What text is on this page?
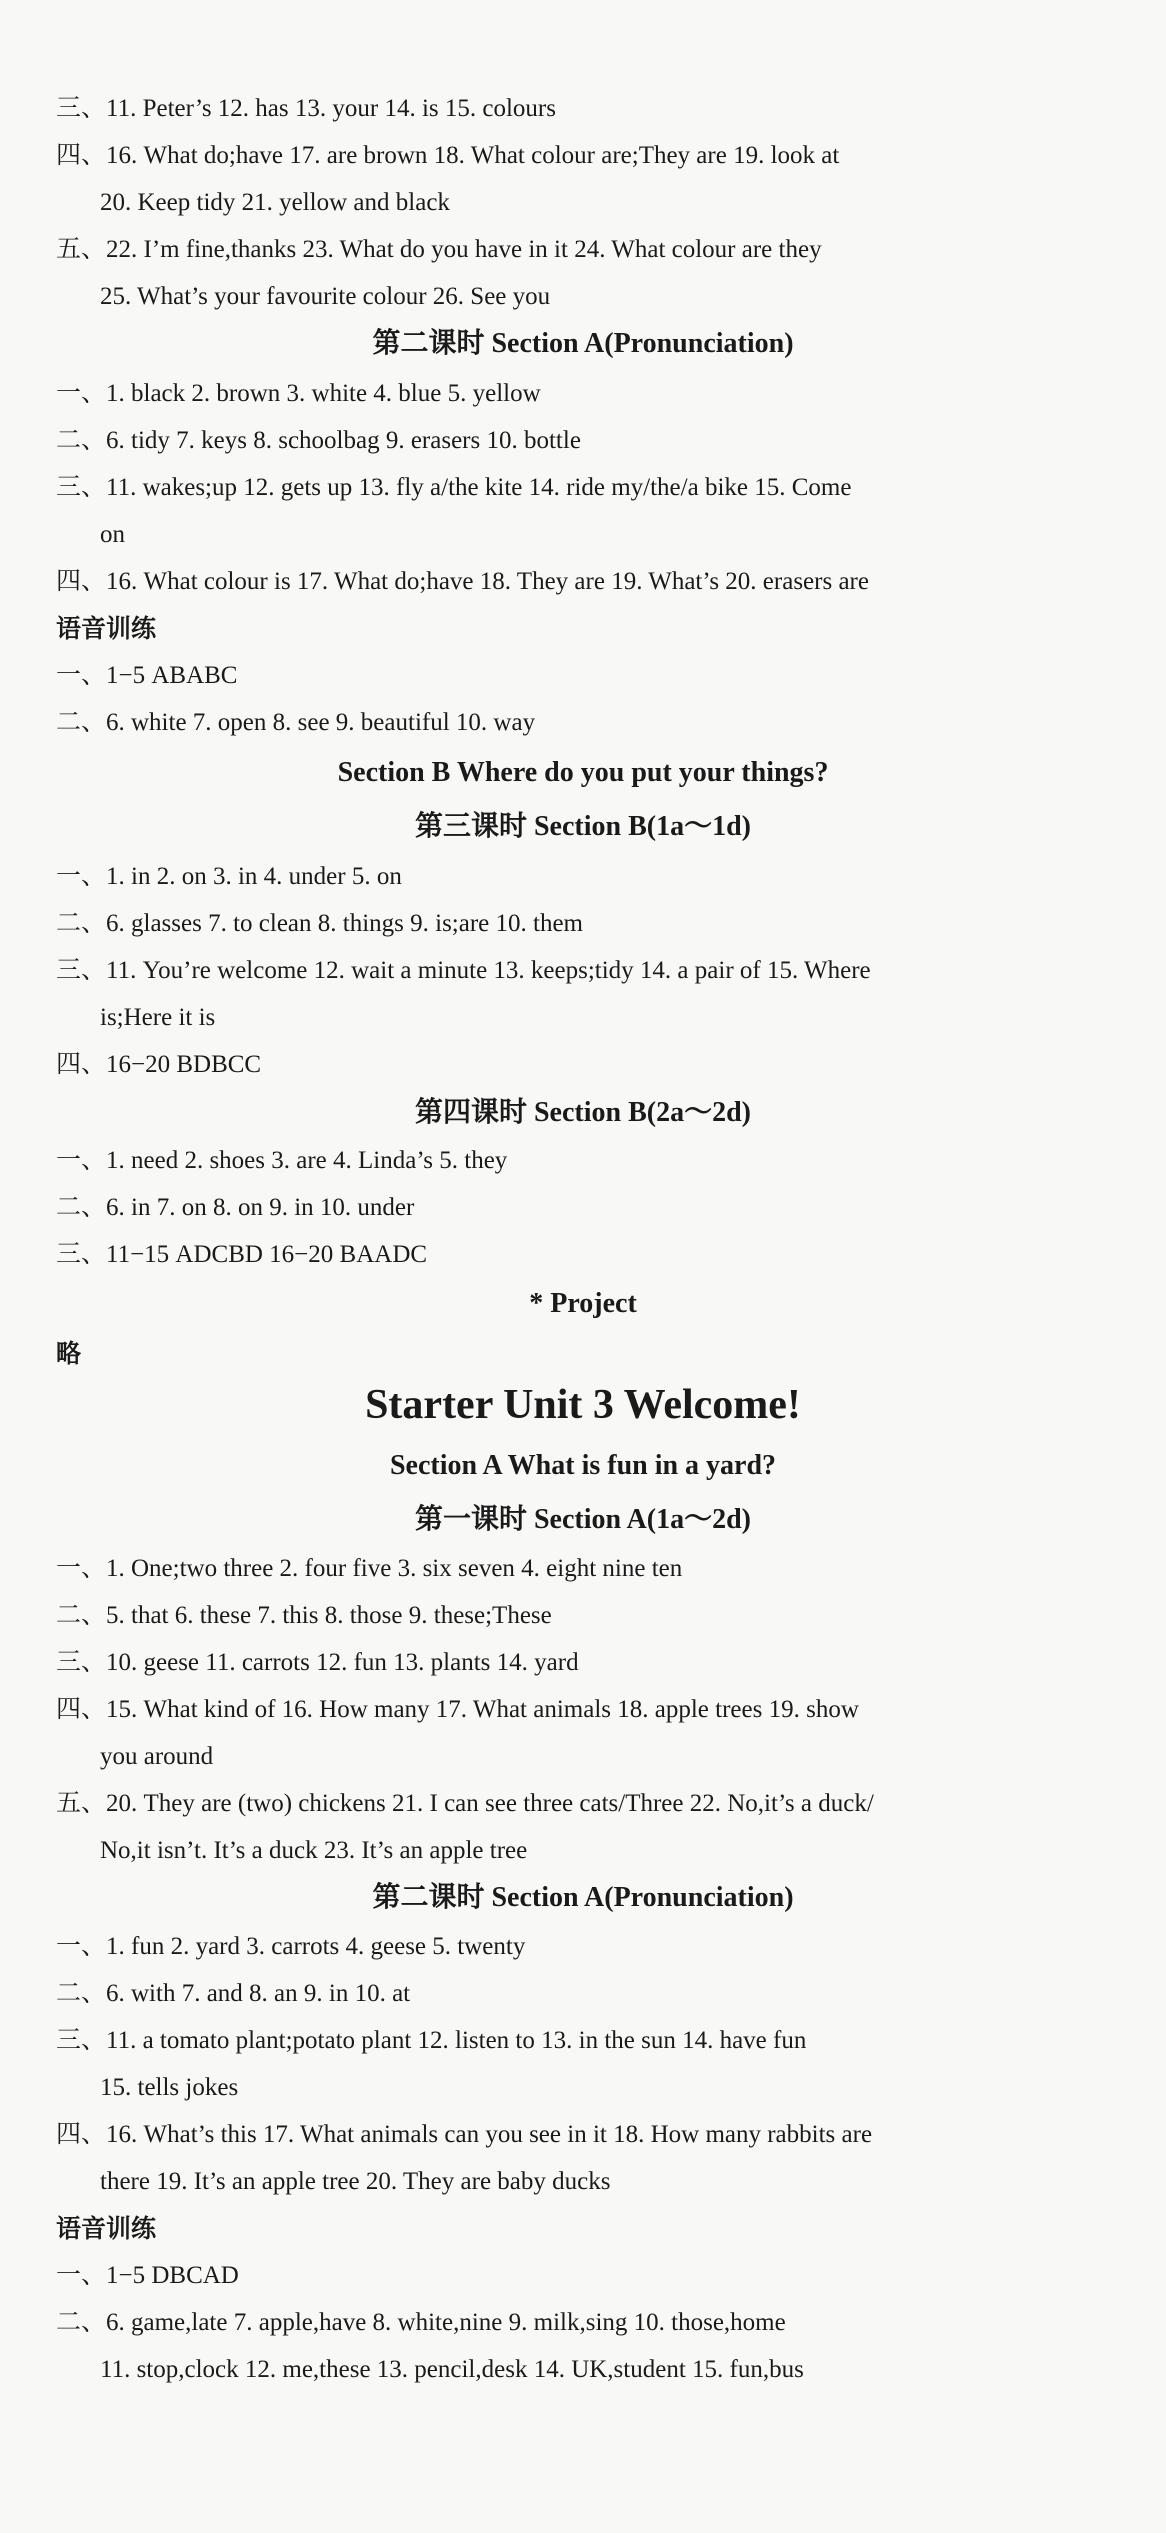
三、11. Peter’s 12. has 13. your 14. is 15. colours
四、16. What do;have 17. are brown 18. What colour are;They are 19. look at
20. Keep tidy 21. yellow and black
五、22. I’m fine,thanks 23. What do you have in it 24. What colour are they
25. What’s your favourite colour 26. See you
第二课时 Section A(Pronunciation)
一、1. black 2. brown 3. white 4. blue 5. yellow
二、6. tidy 7. keys 8. schoolbag 9. erasers 10. bottle
三、11. wakes;up 12. gets up 13. fly a/the kite 14. ride my/the/a bike 15. Come
on
四、16. What colour is 17. What do;have 18. They are 19. What’s 20. erasers are
语音训练
一、1−5 ABABC
二、6. white 7. open 8. see 9. beautiful 10. way
Section B Where do you put your things?
第三课时 Section B(1a～1d)
一、1. in 2. on 3. in 4. under 5. on
二、6. glasses 7. to clean 8. things 9. is;are 10. them
三、11. You’re welcome 12. wait a minute 13. keeps;tidy 14. a pair of 15. Where
is;Here it is
四、16−20 BDBCC
第四课时 Section B(2a～2d)
一、1. need 2. shoes 3. are 4. Linda’s 5. they
二、6. in 7. on 8. on 9. in 10. under
三、11−15 ADCBD 16−20 BAADC
* Project
略
Starter Unit 3 Welcome!
Section A What is fun in a yard?
第一课时 Section A(1a～2d)
一、1. One;two three 2. four five 3. six seven 4. eight nine ten
二、5. that 6. these 7. this 8. those 9. these;These
三、10. geese 11. carrots 12. fun 13. plants 14. yard
四、15. What kind of 16. How many 17. What animals 18. apple trees 19. show
you around
五、20. They are (two) chickens 21. I can see three cats/Three 22. No,it’s a duck/
No,it isn’t. It’s a duck 23. It’s an apple tree
第二课时 Section A(Pronunciation)
一、1. fun 2. yard 3. carrots 4. geese 5. twenty
二、6. with 7. and 8. an 9. in 10. at
三、11. a tomato plant;potato plant 12. listen to 13. in the sun 14. have fun
15. tells jokes
四、16. What’s this 17. What animals can you see in it 18. How many rabbits are
there 19. It’s an apple tree 20. They are baby ducks
语音训练
一、1−5 DBCAD
二、6. game,late 7. apple,have 8. white,nine 9. milk,sing 10. those,home
11. stop,clock 12. me,these 13. pencil,desk 14. UK,student 15. fun,bus
